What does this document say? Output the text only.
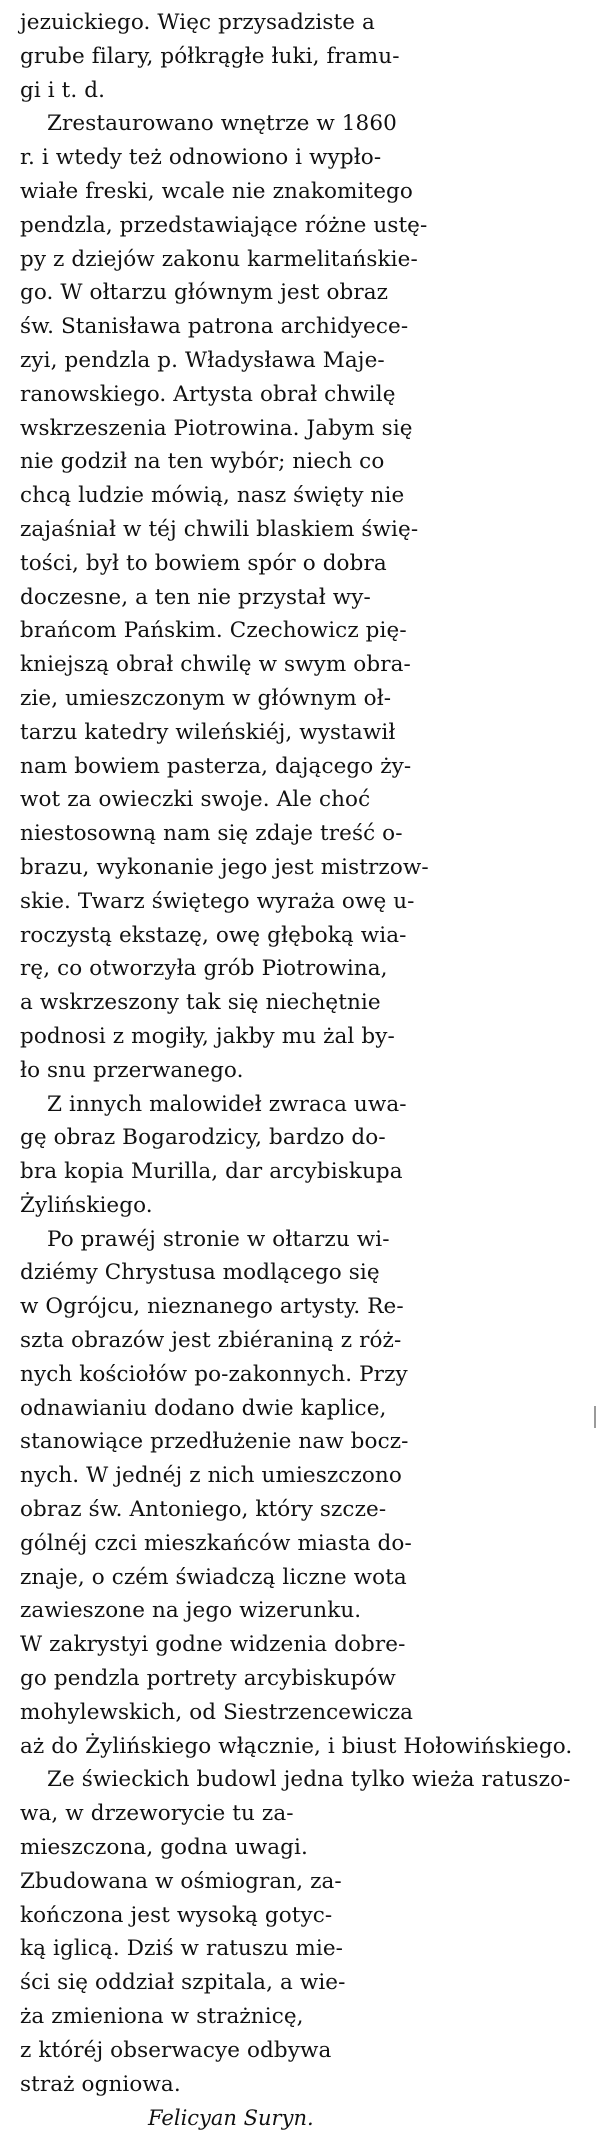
jezuickiego. Więc przysadziste a
grube filary, półkrągłe łuki, framu-
gi i t. d.
Zrestaurowano wnętrze w 1860
r. i wtedy też odnowiono i wypło-
wiałe freski, wcale nie znakomitego
pendzla, przedstawiające różne ustę-
py z dziejów zakonu karmelitańskie-
go. W ołtarzu głównym jest obraz
św. Stanisława patrona archidyece-
zyi, pendzla p. Władysława Maje-
ranowskiego. Artysta obrał chwilę
wskrzeszenia Piotrowina. Jabym się
nie godził na ten wybór; niech co
chcą ludzie mówią, nasz święty nie
zajaśniał w téj chwili blaskiem świę-
tości, był to bowiem spór o dobra
doczesne, a ten nie przystał wy-
brańcom Pańskim. Czechowicz pię-
kniejszą obrał chwilę w swym obra-
zie, umieszczonym w głównym oł-
tarzu katedry wileńskiéj, wystawił
nam bowiem pasterza, dającego ży-
wot za owieczki swoje. Ale choć
niestosowną nam się zdaje treść o-
brazu, wykonanie jego jest mistrzow-
skie. Twarz świętego wyraża owę u-
roczystą ekstazę, owę głęboką wia-
rę, co otworzyła grób Piotrowina,
a wskrzeszony tak się niechętnie
podnosi z mogiły, jakby mu żal by-
ło snu przerwanego.
Z innych malowideł zwraca uwa-
gę obraz Bogarodzicy, bardzo do-
bra kopia Murilla, dar arcybiskupa
Żylińskiego.
Po prawéj stronie w ołtarzu wi-
dziémy Chrystusa modlącego się
w Ogrójcu, nieznanego artysty. Re-
szta obrazów jest zbiéraniną z róż-
nych kościołów po-zakonnych. Przy
odnawianiu dodano dwie kaplice,
stanowiące przedłużenie naw bocz-
nych. W jednéj z nich umieszczono
obraz św. Antoniego, który szcze-
gólnéj czci mieszkańców miasta do-
znaje, o czém świadczą liczne wota
zawieszone na jego wizerunku.
W zakrystyi godne widzenia dobre-
go pendzla portrety arcybiskupów
mohylewskich, od Siestrzencewicza
aż do Żylińskiego włącznie, i biust Hołowińskiego.
Ze świeckich budowl jedna tylko wieża ratuszo-
wa, w drzeworycie tu za-
mieszczona, godna uwagi.
Zbudowana w ośmiogran, za-
kończona jest wysoką gotyc-
ką iglicą. Dziś w ratuszu mie-
ści się oddział szpitala, a wie-
ża zmieniona w strażnicę,
z któréj obserwacye odbywa
straż ogniowa.
Felicyan Suryn.
